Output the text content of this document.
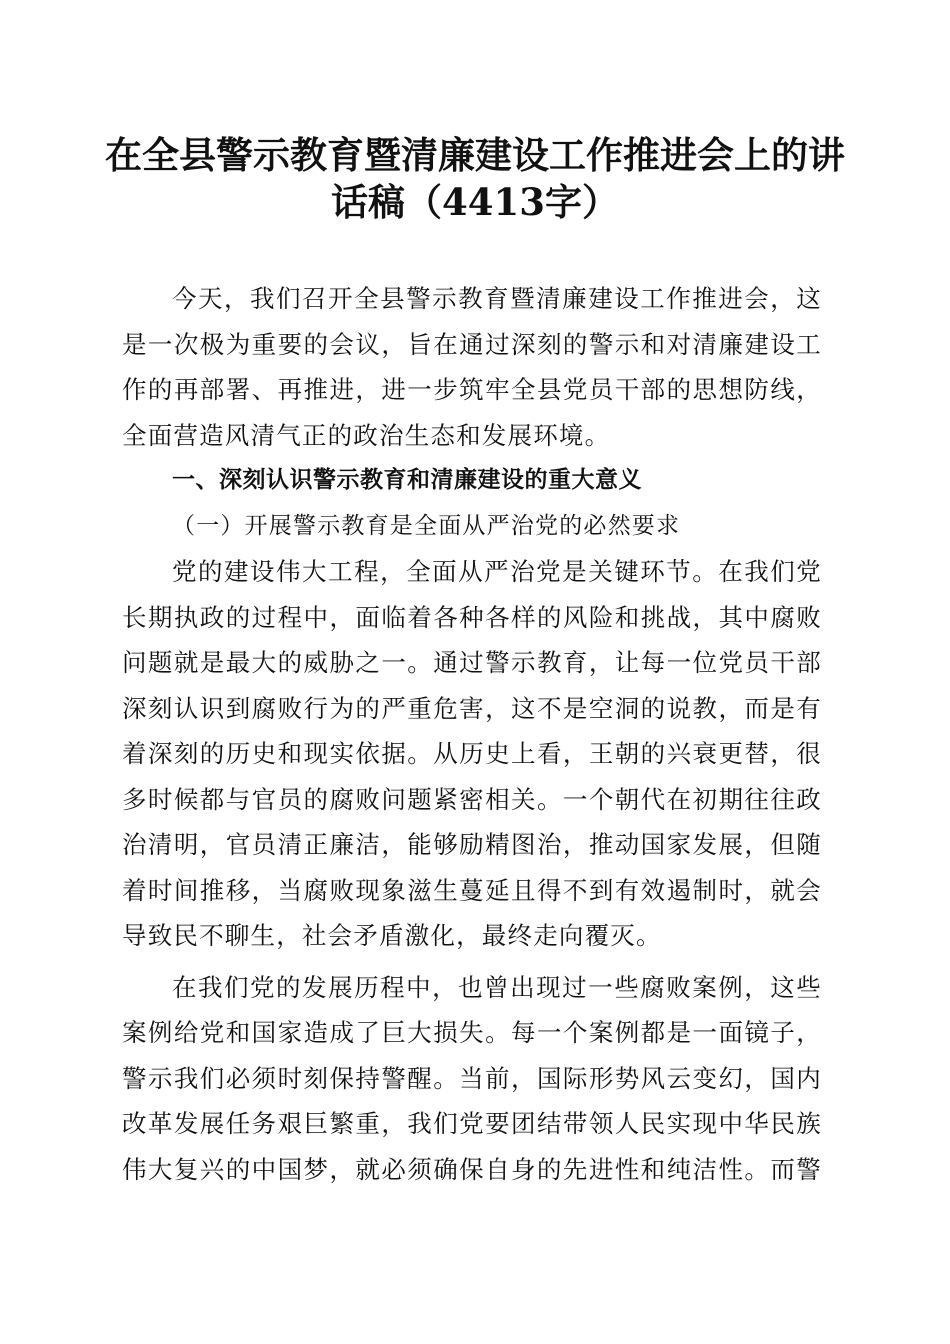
在全县警示教育暨清廉建设工作推进会上的讲
话稿（4413字）

今天，我们召开全县警示教育暨清廉建设工作推进会，这
是一次极为重要的会议，旨在通过深刻的警示和对清廉建设工
作的再部署、再推进，进一步筑牢全县党员干部的思想防线，
全面营造风清气正的政治生态和发展环境。

一、深刻认识警示教育和清廉建设的重大意义

（一）开展警示教育是全面从严治党的必然要求

党的建设伟大工程，全面从严治党是关键环节。在我们党
长期执政的过程中，面临着各种各样的风险和挑战，其中腐败
问题就是最大的威胁之一。通过警示教育，让每一位党员干部
深刻认识到腐败行为的严重危害，这不是空洞的说教，而是有
着深刻的历史和现实依据。从历史上看，王朝的兴衰更替，很
多时候都与官员的腐败问题紧密相关。一个朝代在初期往往政
治清明，官员清正廉洁，能够励精图治，推动国家发展，但随
着时间推移，当腐败现象滋生蔓延且得不到有效遏制时，就会
导致民不聊生，社会矛盾激化，最终走向覆灭。

在我们党的发展历程中，也曾出现过一些腐败案例，这些
案例给党和国家造成了巨大损失。每一个案例都是一面镜子，
警示我们必须时刻保持警醒。当前，国际形势风云变幻，国内
改革发展任务艰巨繁重，我们党要团结带领人民实现中华民族
伟大复兴的中国梦，就必须确保自身的先进性和纯洁性。而警
